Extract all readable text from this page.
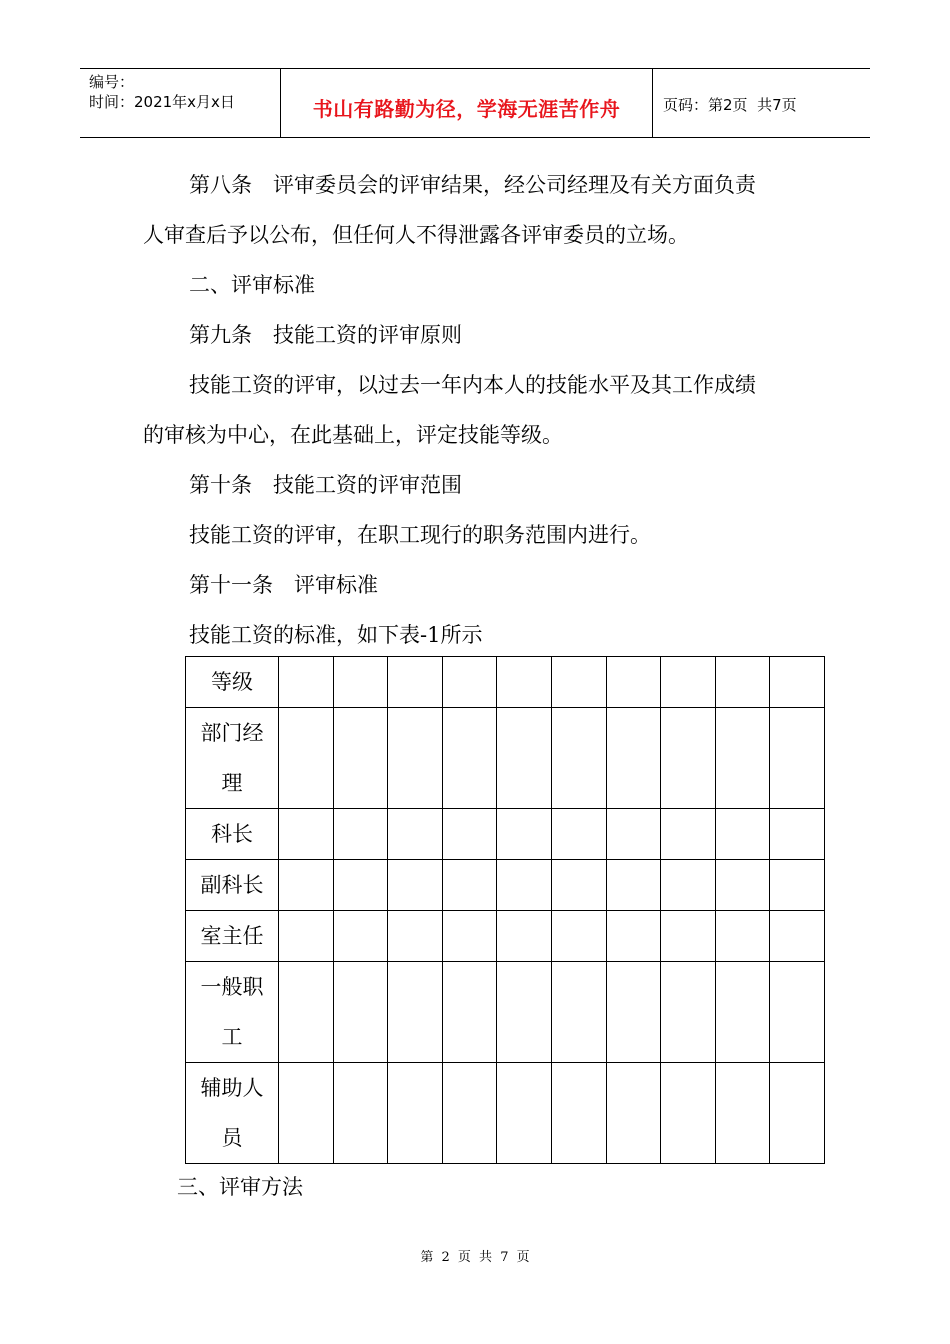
编号：
时间：2021年x月x日	书山有路勤为径，学海无涯苦作舟	页码：第2页  共7页
第八条　评审委员会的评审结果，经公司经理及有关方面负责
人审查后予以公布，但任何人不得泄露各评审委员的立场。
二、评审标准
第九条　技能工资的评审原则
技能工资的评审，以过去一年内本人的技能水平及其工作成绩
的审核为中心，在此基础上，评定技能等级。
第十条　技能工资的评审范围
技能工资的评审，在职工现行的职务范围内进行。
第十一条　评审标准
技能工资的标准，如下表-1所示
等级										

部门经理										

科长										

副科长										

室主任										

一般职工										

辅助人员										

三、评审方法
第 2 页 共 7 页
